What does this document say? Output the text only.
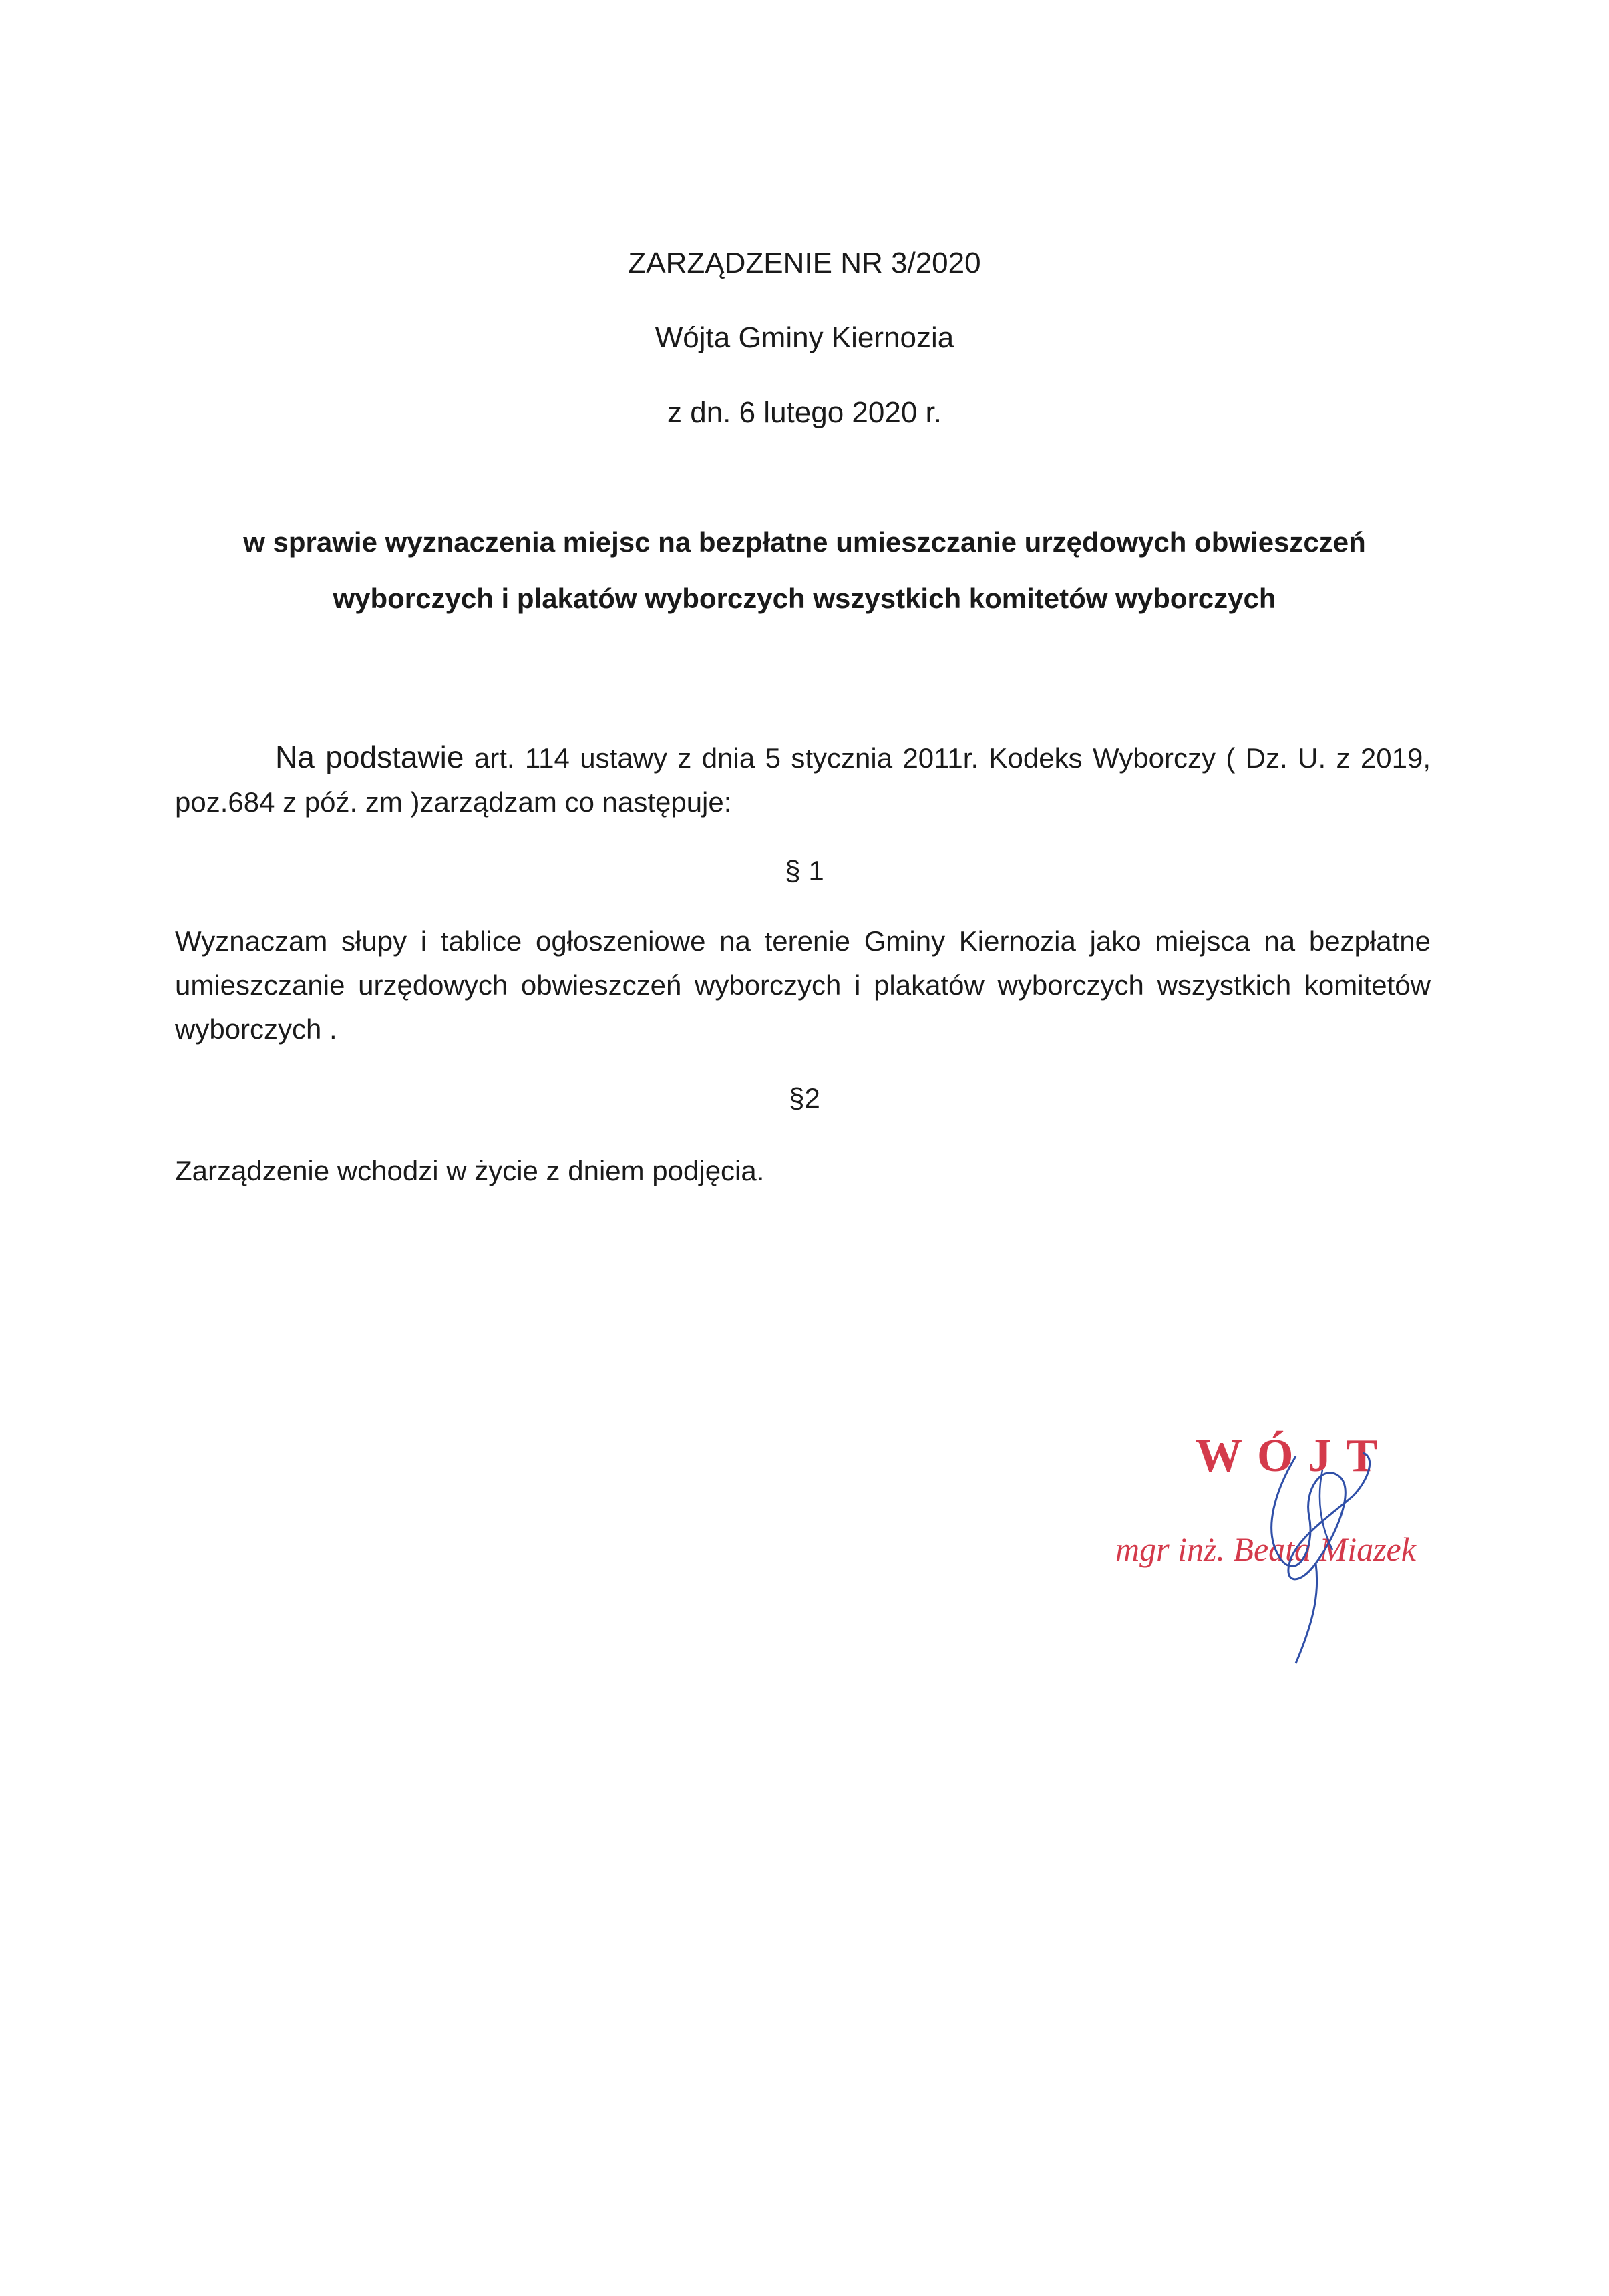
ZARZĄDZENIE NR 3/2020
Wójta Gminy Kiernozia
z dn. 6 lutego 2020 r.
w sprawie wyznaczenia miejsc na bezpłatne umieszczanie urzędowych obwieszczeń
wyborczych i plakatów wyborczych wszystkich komitetów wyborczych
Na podstawie art. 114 ustawy z dnia 5 stycznia 2011r. Kodeks Wyborczy ( Dz. U. z 2019, poz.684 z póź. zm )zarządzam co następuje:
§ 1
Wyznaczam słupy i tablice ogłoszeniowe na terenie Gminy Kiernozia jako miejsca na bezpłatne umieszczanie urzędowych obwieszczeń wyborczych i plakatów wyborczych wszystkich komitetów wyborczych .
§2
Zarządzenie wchodzi w życie z dniem podjęcia.
WÓJT
mgr inż. Beata Miazek
